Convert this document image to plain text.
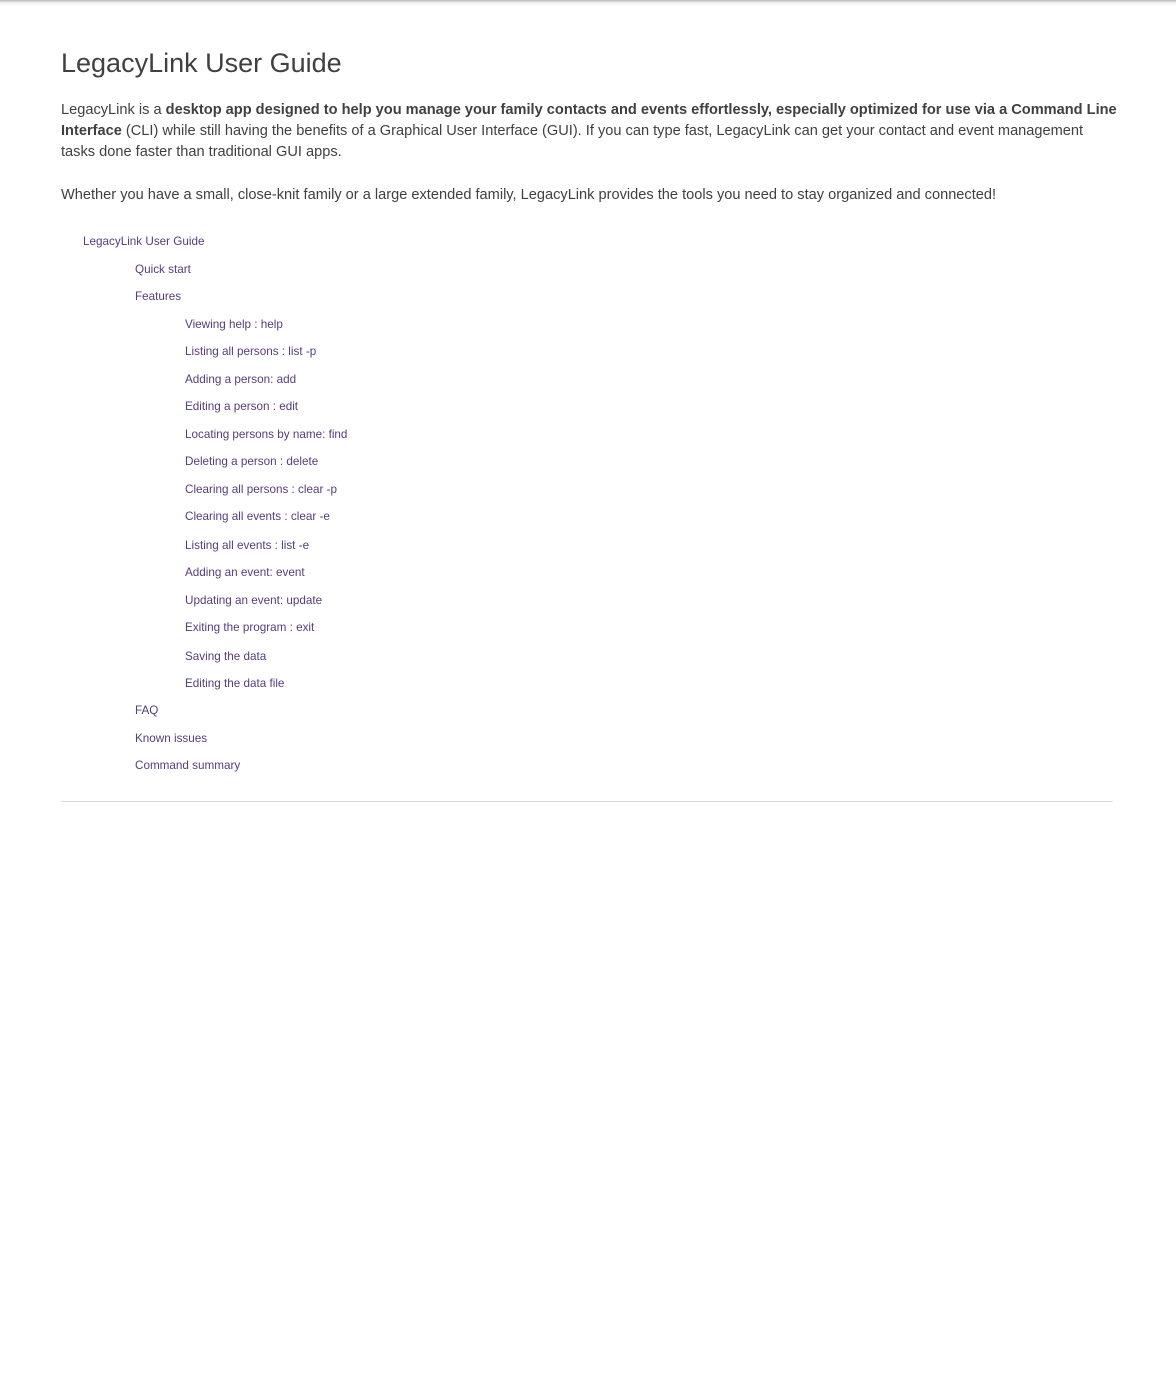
LegacyLink User Guide

LegacyLink is a desktop app designed to help you manage your family contacts and events effortlessly, especially optimized for use via a Command Line Interface (CLI) while still having the benefits of a Graphical User Interface (GUI). If you can type fast, LegacyLink can get your contact and event management tasks done faster than traditional GUI apps.

Whether you have a small, close-knit family or a large extended family, LegacyLink provides the tools you need to stay organized and connected!

LegacyLink User Guide
Quick start
Features
Viewing help : help
Listing all persons : list -p
Adding a person: add
Editing a person : edit
Locating persons by name: find
Deleting a person : delete
Clearing all persons : clear -p
Clearing all events : clear -e
Listing all events : list -e
Adding an event: event
Updating an event: update
Exiting the program : exit
Saving the data
Editing the data file
FAQ
Known issues
Command summary
